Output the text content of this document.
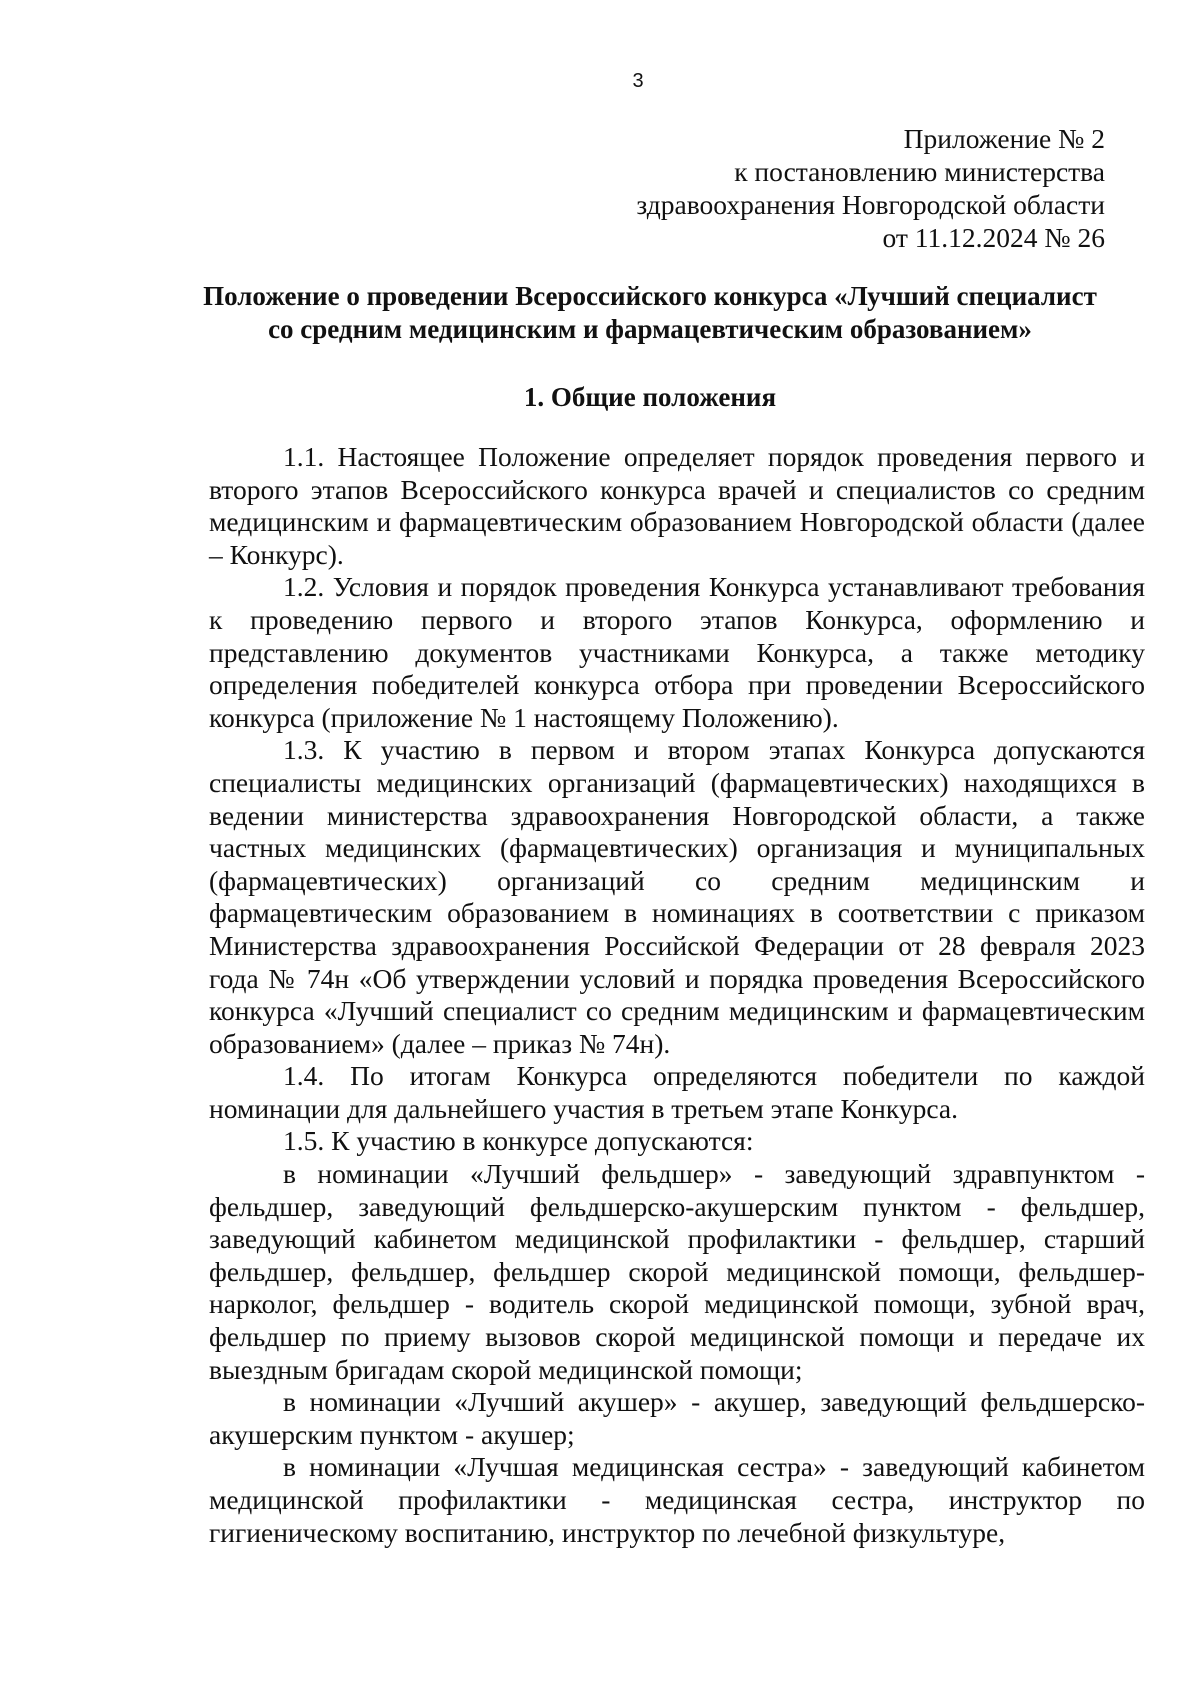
3
Приложение № 2
к постановлению министерства
здравоохранения Новгородской области
от 11.12.2024 № 26
Положение о проведении Всероссийского конкурса «Лучший специалист
со средним медицинским и фармацевтическим образованием»
1. Общие положения

1.1. Настоящее Положение определяет порядок проведения первого и второго этапов Всероссийского конкурса врачей и специалистов со средним медицинским и фармацевтическим образованием Новгородской области (далее – Конкурс).

1.2. Условия и порядок проведения Конкурса устанавливают требования к проведению первого и второго этапов Конкурса, оформлению и представлению документов участниками Конкурса, а также методику определения победителей конкурса отбора при проведении Всероссийского конкурса (приложение № 1 настоящему Положению).

1.3. К участию в первом и втором этапах Конкурса допускаются специалисты медицинских организаций (фармацевтических) находящихся в ведении министерства здравоохранения Новгородской области, а также частных медицинских (фармацевтических) организация и муниципальных (фармацевтических) организаций со средним медицинским и фармацевтическим образованием в номинациях в соответствии с приказом Министерства здравоохранения Российской Федерации от 28 февраля 2023 года № 74н «Об утверждении условий и порядка проведения Всероссийского конкурса «Лучший специалист со средним медицинским и фармацевтическим образованием» (далее – приказ № 74н).

1.4. По итогам Конкурса определяются победители по каждой номинации для дальнейшего участия в третьем этапе Конкурса.

1.5. К участию в конкурсе допускаются:

в номинации «Лучший фельдшер» - заведующий здравпунктом - фельдшер, заведующий фельдшерско-акушерским пунктом - фельдшер, заведующий кабинетом медицинской профилактики - фельдшер, старший фельдшер, фельдшер, фельдшер скорой медицинской помощи, фельдшер-нарколог, фельдшер - водитель скорой медицинской помощи, зубной врач, фельдшер по приему вызовов скорой медицинской помощи и передаче их выездным бригадам скорой медицинской помощи;

в номинации «Лучший акушер» - акушер, заведующий фельдшерско-акушерским пунктом - акушер;

в номинации «Лучшая медицинская сестра» - заведующий кабинетом медицинской профилактики - медицинская сестра, инструктор по гигиеническому воспитанию, инструктор по лечебной физкультуре,
